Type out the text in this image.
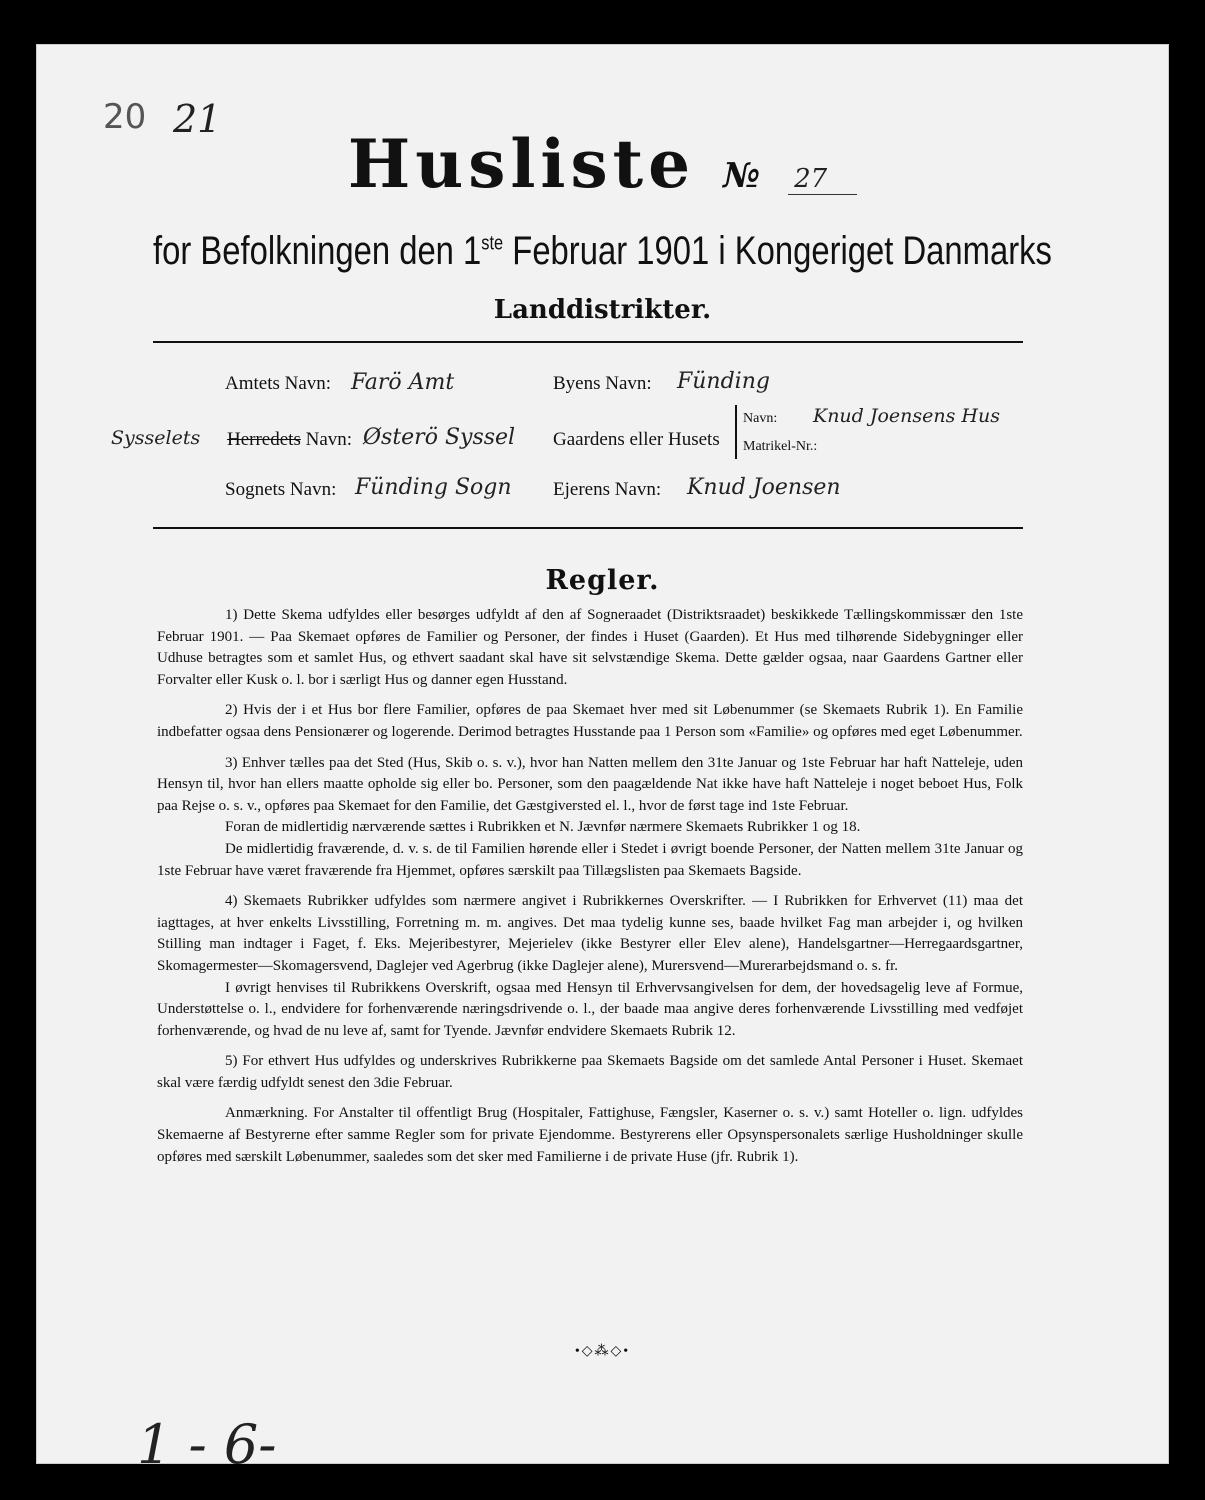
20 21
Husliste № 27
for Befolkningen den 1ste Februar 1901 i Kongeriget Danmarks
Landdistrikter.
Amtets Navn: Farö Amt
Sysselets Herredets Navn: Østerö Syssel
Sognets Navn: Fünding Sogn
Byens Navn: Fünding
Gaardens eller Husets
Navn: Knud Joensens Hus
Matrikel-Nr.:
Ejerens Navn: Knud Joensen
Regler.

1) Dette Skema udfyldes eller besørges udfyldt af den af Sogneraadet (Distriktsraadet) beskikkede Tællingskommissær den 1ste Februar 1901. — Paa Skemaet opføres de Familier og Personer, der findes i Huset (Gaarden). Et Hus med tilhørende Sidebygninger eller Udhuse betragtes som et samlet Hus, og ethvert saadant skal have sit selvstændige Skema. Dette gælder ogsaa, naar Gaardens Gartner eller Forvalter eller Kusk o. l. bor i særligt Hus og danner egen Husstand.

2) Hvis der i et Hus bor flere Familier, opføres de paa Skemaet hver med sit Løbenummer (se Skemaets Rubrik 1). En Familie indbefatter ogsaa dens Pensionærer og logerende. Derimod betragtes Husstande paa 1 Person som «Familie» og opføres med eget Løbenummer.

3) Enhver tælles paa det Sted (Hus, Skib o. s. v.), hvor han Natten mellem den 31te Januar og 1ste Februar har haft Natteleje, uden Hensyn til, hvor han ellers maatte opholde sig eller bo. Personer, som den paagældende Nat ikke have haft Natteleje i noget beboet Hus, Folk paa Rejse o. s. v., opføres paa Skemaet for den Familie, det Gæstgiversted el. l., hvor de først tage ind 1ste Februar.

Foran de midlertidig nærværende sættes i Rubrikken et N. Jævnfør nærmere Skemaets Rubrikker 1 og 18.

De midlertidig fraværende, d. v. s. de til Familien hørende eller i Stedet i øvrigt boende Personer, der Natten mellem 31te Januar og 1ste Februar have været fraværende fra Hjemmet, opføres særskilt paa Tillægslisten paa Skemaets Bagside.

4) Skemaets Rubrikker udfyldes som nærmere angivet i Rubrikkernes Overskrifter. — I Rubrikken for Erhvervet (11) maa det iagttages, at hver enkelts Livsstilling, Forretning m. m. angives. Det maa tydelig kunne ses, baade hvilket Fag man arbejder i, og hvilken Stilling man indtager i Faget, f. Eks. Mejeribestyrer, Mejerielev (ikke Bestyrer eller Elev alene), Handelsgartner—Herregaardsgartner, Skomagermester—Skomagersvend, Daglejer ved Agerbrug (ikke Daglejer alene), Murersvend—Murerarbejdsmand o. s. fr.

I øvrigt henvises til Rubrikkens Overskrift, ogsaa med Hensyn til Erhvervsangivelsen for dem, der hovedsagelig leve af Formue, Understøttelse o. l., endvidere for forhenværende næringsdrivende o. l., der baade maa angive deres forhenværende Livsstilling med vedføjet forhenværende, og hvad de nu leve af, samt for Tyende. Jævnfør endvidere Skemaets Rubrik 12.

5) For ethvert Hus udfyldes og underskrives Rubrikkerne paa Skemaets Bagside om det samlede Antal Personer i Huset. Skemaet skal være færdig udfyldt senest den 3die Februar.

Anmærkning. For Anstalter til offentligt Brug (Hospitaler, Fattighuse, Fængsler, Kaserner o. s. v.) samt Hoteller o. lign. udfyldes Skemaerne af Bestyrerne efter samme Regler som for private Ejendomme. Bestyrerens eller Opsynspersonalets særlige Husholdninger skulle opføres med særskilt Løbenummer, saaledes som det sker med Familierne i de private Huse (jfr. Rubrik 1).

•◇⁂◇•
1 - 6-
